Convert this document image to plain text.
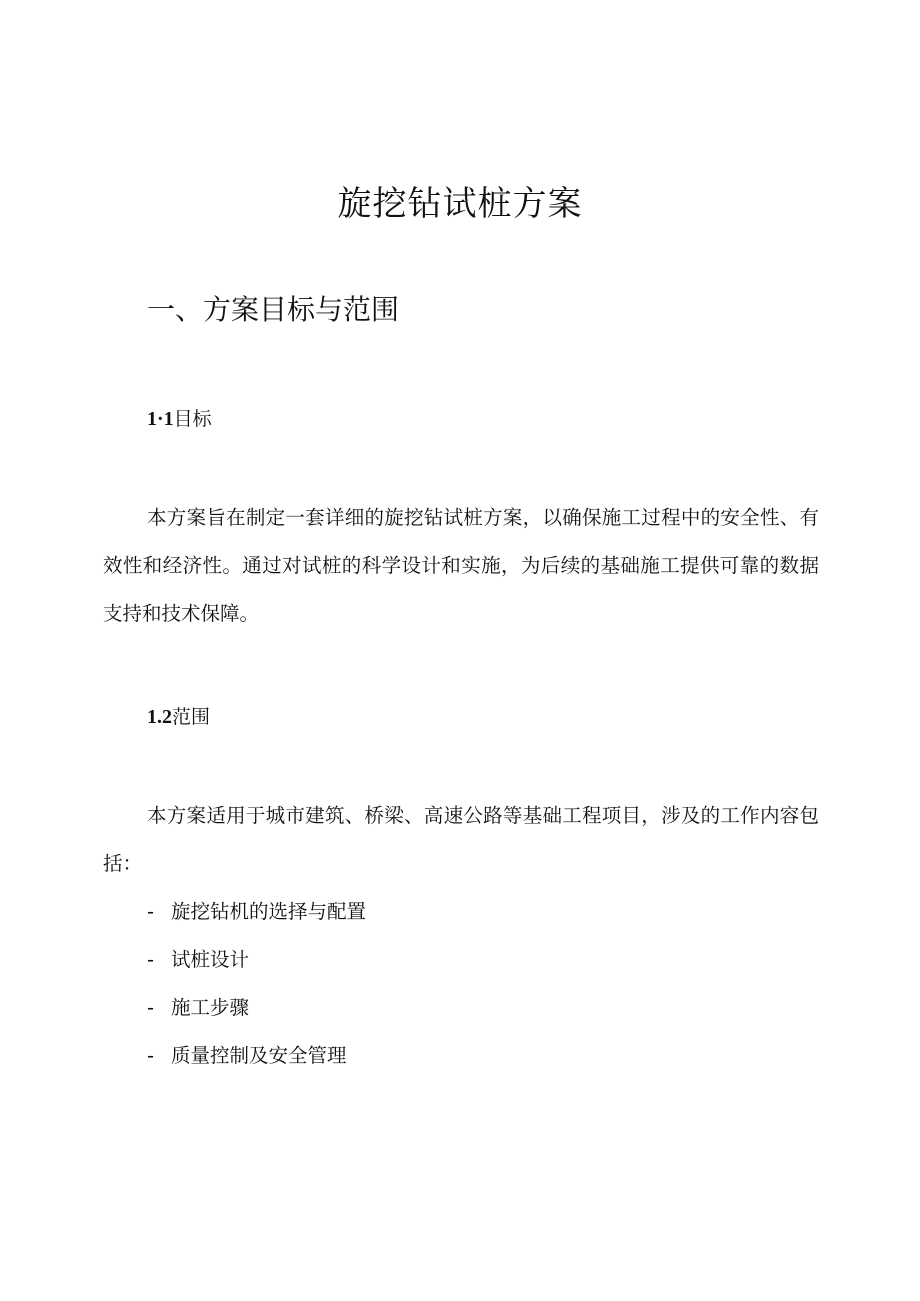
旋挖钻试桩方案
一、方案目标与范围
1·1目标

本方案旨在制定一套详细的旋挖钻试桩方案，以确保施工过程中的安全性、有效性和经济性。通过对试桩的科学设计和实施，为后续的基础施工提供可靠的数据支持和技术保障。

1.2范围

本方案适用于城市建筑、桥梁、高速公路等基础工程项目，涉及的工作内容包括：

- 旋挖钻机的选择与配置
- 试桩设计
- 施工步骤
- 质量控制及安全管理
